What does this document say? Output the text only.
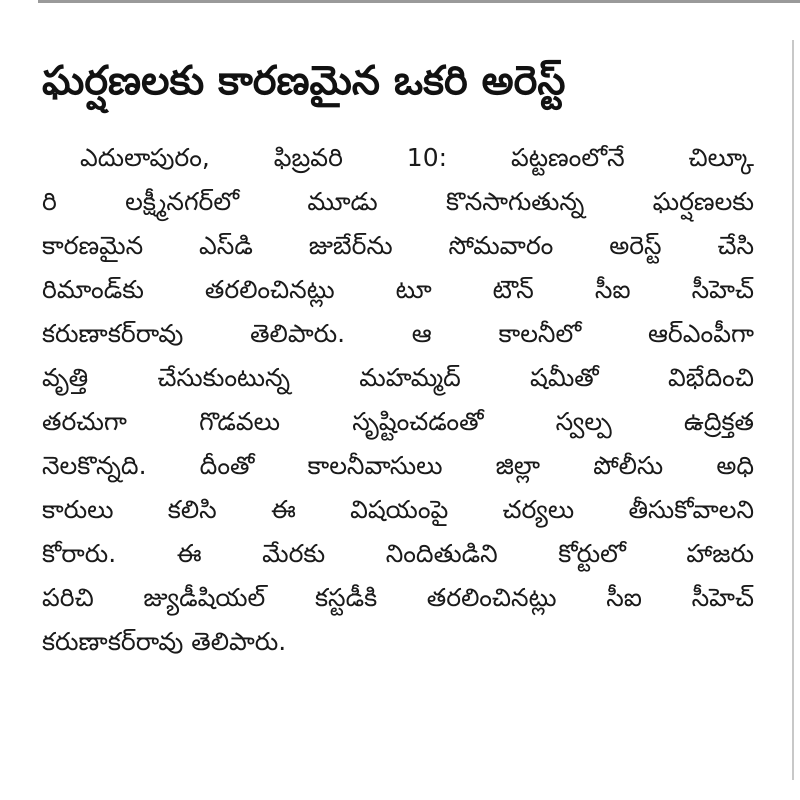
ఘర్షణలకు కారణమైన ఒకరి అరెస్ట్
ఎదులాపురం, ఫిబ్రవరి 10: పట్టణంలోనే చిల్కూ
రి లక్ష్మీనగర్‌లో మూడు కొనసాగుతున్న ఘర్షణలకు
కారణమైన ఎస్‌డి జుబేర్‌ను సోమవారం అరెస్ట్ చేసి
రిమాండ్‌కు తరలించినట్లు టూ టౌన్ సీఐ సీహెచ్
కరుణాకర్‌రావు తెలిపారు. ఆ కాలనీలో ఆర్‌ఎంపీగా
వృత్తి చేసుకుంటున్న మహమ్మద్ షమీతో విభేదించి
తరచుగా గొడవలు సృష్టించడంతో స్వల్ప ఉద్రిక్తత
నెలకొన్నది. దీంతో కాలనీవాసులు జిల్లా పోలీసు అధి
కారులు కలిసి ఈ విషయంపై చర్యలు తీసుకోవాలని
కోరారు. ఈ మేరకు నిందితుడిని కోర్టులో హాజరు
పరిచి జ్యుడీషియల్ కస్టడీకి తరలించినట్లు సీఐ సీహెచ్
కరుణాకర్‌రావు తెలిపారు.
